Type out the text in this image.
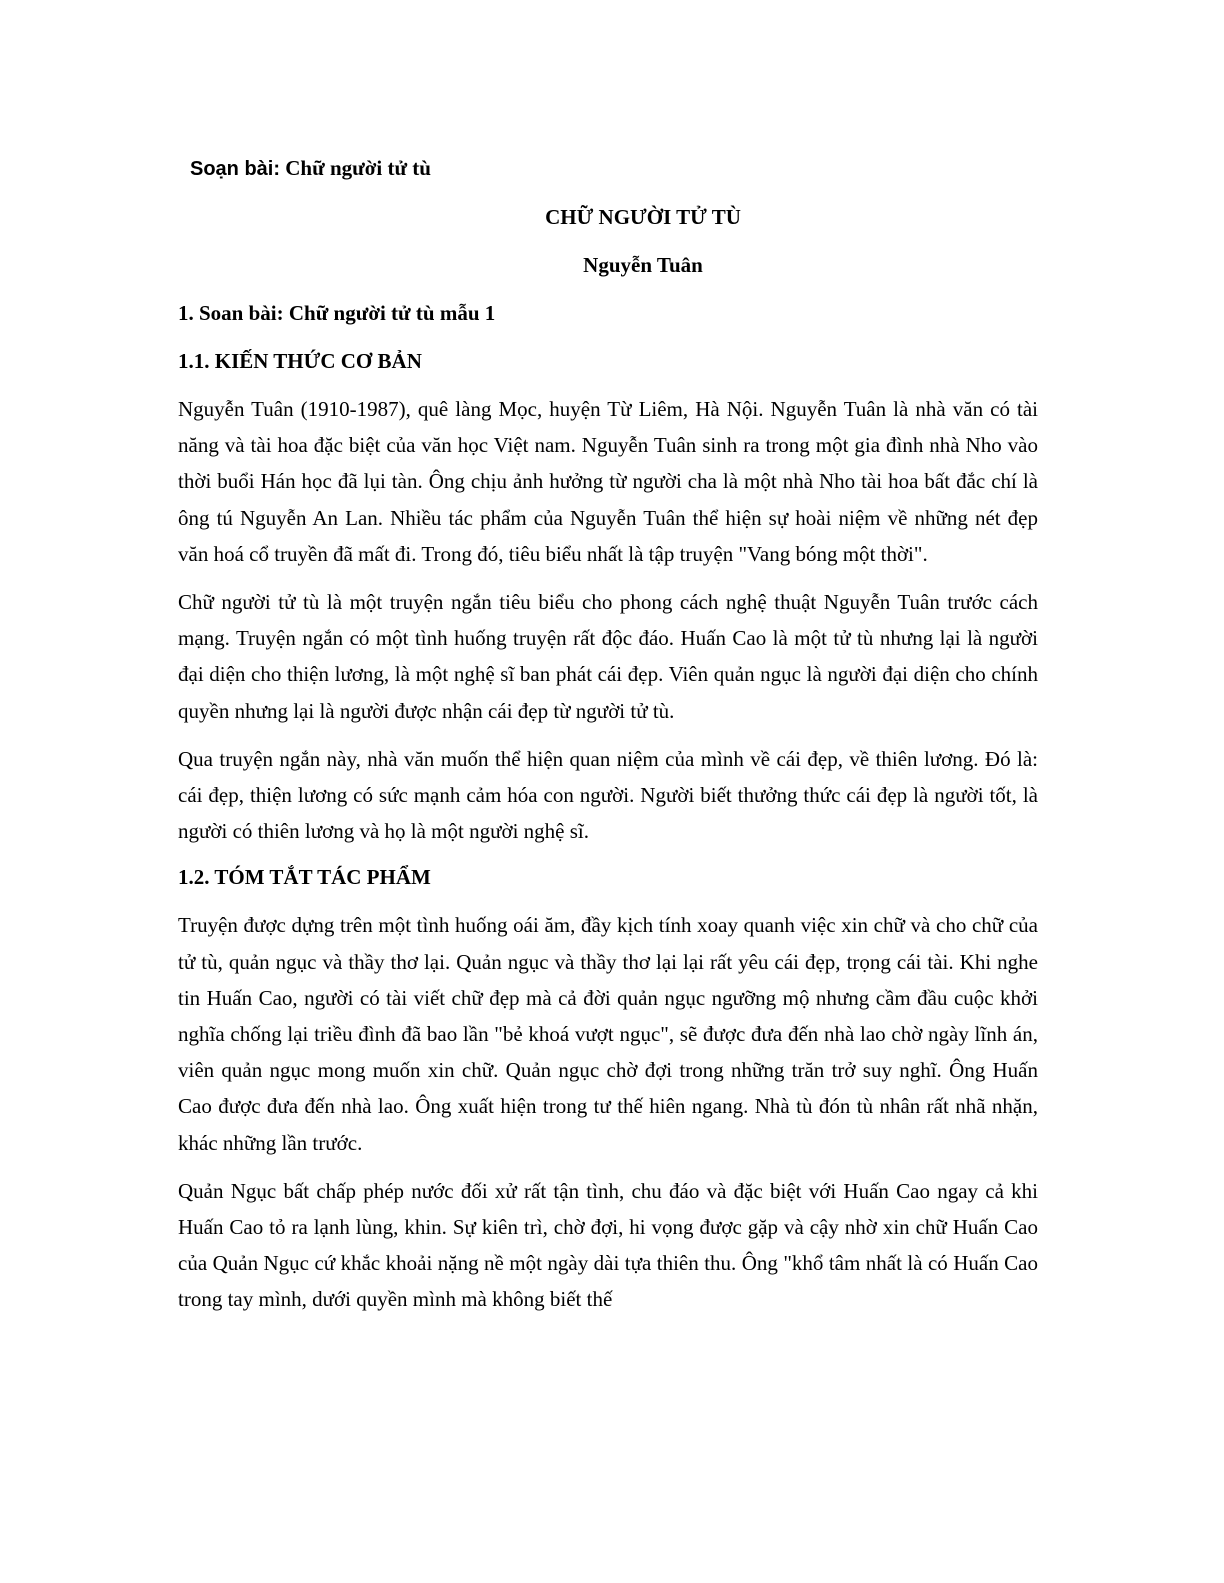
Soạn bài: Chữ người tử tù
CHỮ NGƯỜI TỬ TÙ
Nguyễn Tuân
1. Soan bài: Chữ người tử tù mẫu 1
1.1. KIẾN THỨC CƠ BẢN

Nguyễn Tuân (1910-1987), quê làng Mọc, huyện Từ Liêm, Hà Nội. Nguyễn Tuân là nhà văn có tài năng và tài hoa đặc biệt của văn học Việt nam. Nguyễn Tuân sinh ra trong một gia đình nhà Nho vào thời buổi Hán học đã lụi tàn. Ông chịu ảnh hưởng từ người cha là một nhà Nho tài hoa bất đắc chí là ông tú Nguyễn An Lan. Nhiều tác phẩm của Nguyễn Tuân thể hiện sự hoài niệm về những nét đẹp văn hoá cổ truyền đã mất đi. Trong đó, tiêu biểu nhất là tập truyện "Vang bóng một thời".

Chữ người tử tù là một truyện ngắn tiêu biểu cho phong cách nghệ thuật Nguyễn Tuân trước cách mạng. Truyện ngắn có một tình huống truyện rất độc đáo. Huấn Cao là một tử tù nhưng lại là người đại diện cho thiện lương, là một nghệ sĩ ban phát cái đẹp. Viên quản ngục là người đại diện cho chính quyền nhưng lại là người được nhận cái đẹp từ người tử tù.

Qua truyện ngắn này, nhà văn muốn thể hiện quan niệm của mình về cái đẹp, về thiên lương. Đó là: cái đẹp, thiện lương có sức mạnh cảm hóa con người. Người biết thưởng thức cái đẹp là người tốt, là người có thiên lương và họ là một người nghệ sĩ.

1.2. TÓM TẮT TÁC PHẨM

Truyện được dựng trên một tình huống oái ăm, đầy kịch tính xoay quanh việc xin chữ và cho chữ của tử tù, quản ngục và thầy thơ lại. Quản ngục và thầy thơ lại lại rất yêu cái đẹp, trọng cái tài. Khi nghe tin Huấn Cao, người có tài viết chữ đẹp mà cả đời quản ngục ngưỡng mộ nhưng cầm đầu cuộc khởi nghĩa chống lại triều đình đã bao lần "bẻ khoá vượt ngục", sẽ được đưa đến nhà lao chờ ngày lĩnh án, viên quản ngục mong muốn xin chữ. Quản ngục chờ đợi trong những trăn trở suy nghĩ. Ông Huấn Cao được đưa đến nhà lao. Ông xuất hiện trong tư thế hiên ngang. Nhà tù đón tù nhân rất nhã nhặn, khác những lần trước.

Quản Ngục bất chấp phép nước đối xử rất tận tình, chu đáo và đặc biệt với Huấn Cao ngay cả khi Huấn Cao tỏ ra lạnh lùng, khin. Sự kiên trì, chờ đợi, hi vọng được gặp và cậy nhờ xin chữ Huấn Cao của Quản Ngục cứ khắc khoải nặng nề một ngày dài tựa thiên thu. Ông "khổ tâm nhất là có Huấn Cao trong tay mình, dưới quyền mình mà không biết thế
